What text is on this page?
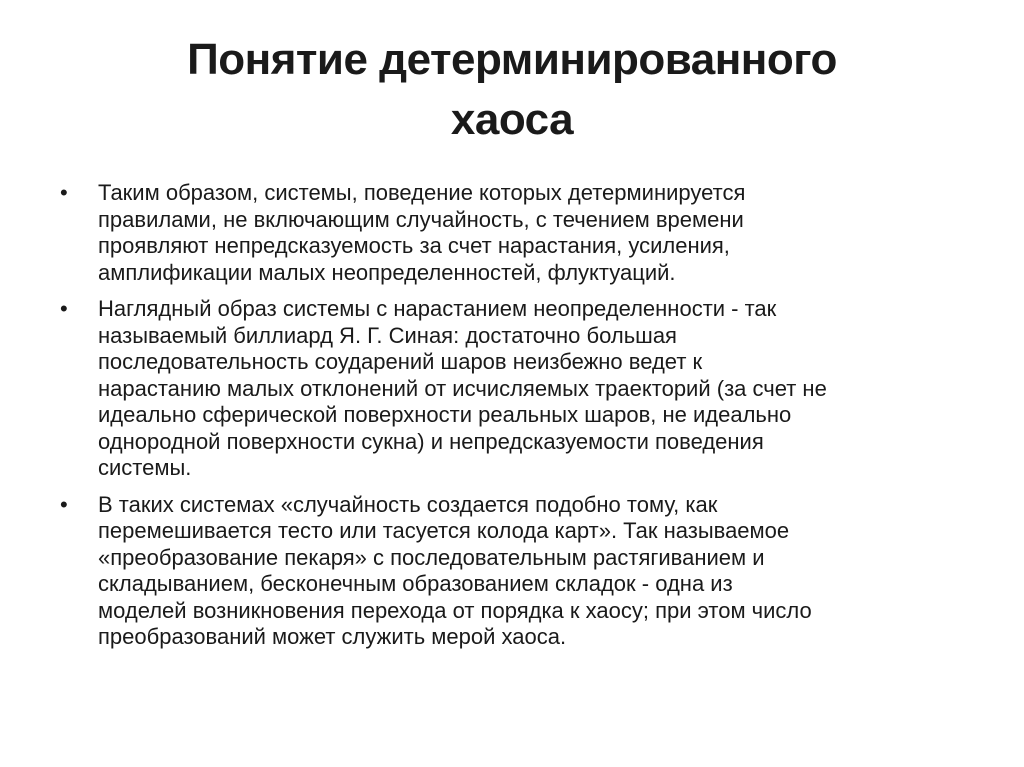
Понятие детерминированного
хаоса
•	Таким образом, системы, поведение которых детерминируется
правилами, не включающим случайность, с течением времени
проявляют непредсказуемость за счет нарастания, усиления,
амплификации малых неопределенностей, флуктуаций.
•	Наглядный образ системы с нарастанием неопределенности - так
называемый биллиард Я. Г. Синая: достаточно большая
последовательность соударений шаров неизбежно ведет к
нарастанию малых отклонений от исчисляемых траекторий (за счет не
идеально сферической поверхности реальных шаров, не идеально
однородной поверхности сукна) и непредсказуемости поведения
системы.
•	В таких системах «случайность создается подобно тому, как
перемешивается тесто или тасуется колода карт». Так называемое
«преобразование пекаря» с последовательным растягиванием и
складыванием, бесконечным образованием складок - одна из
моделей возникновения перехода от порядка к хаосу; при этом число
преобразований может служить мерой хаоса.
